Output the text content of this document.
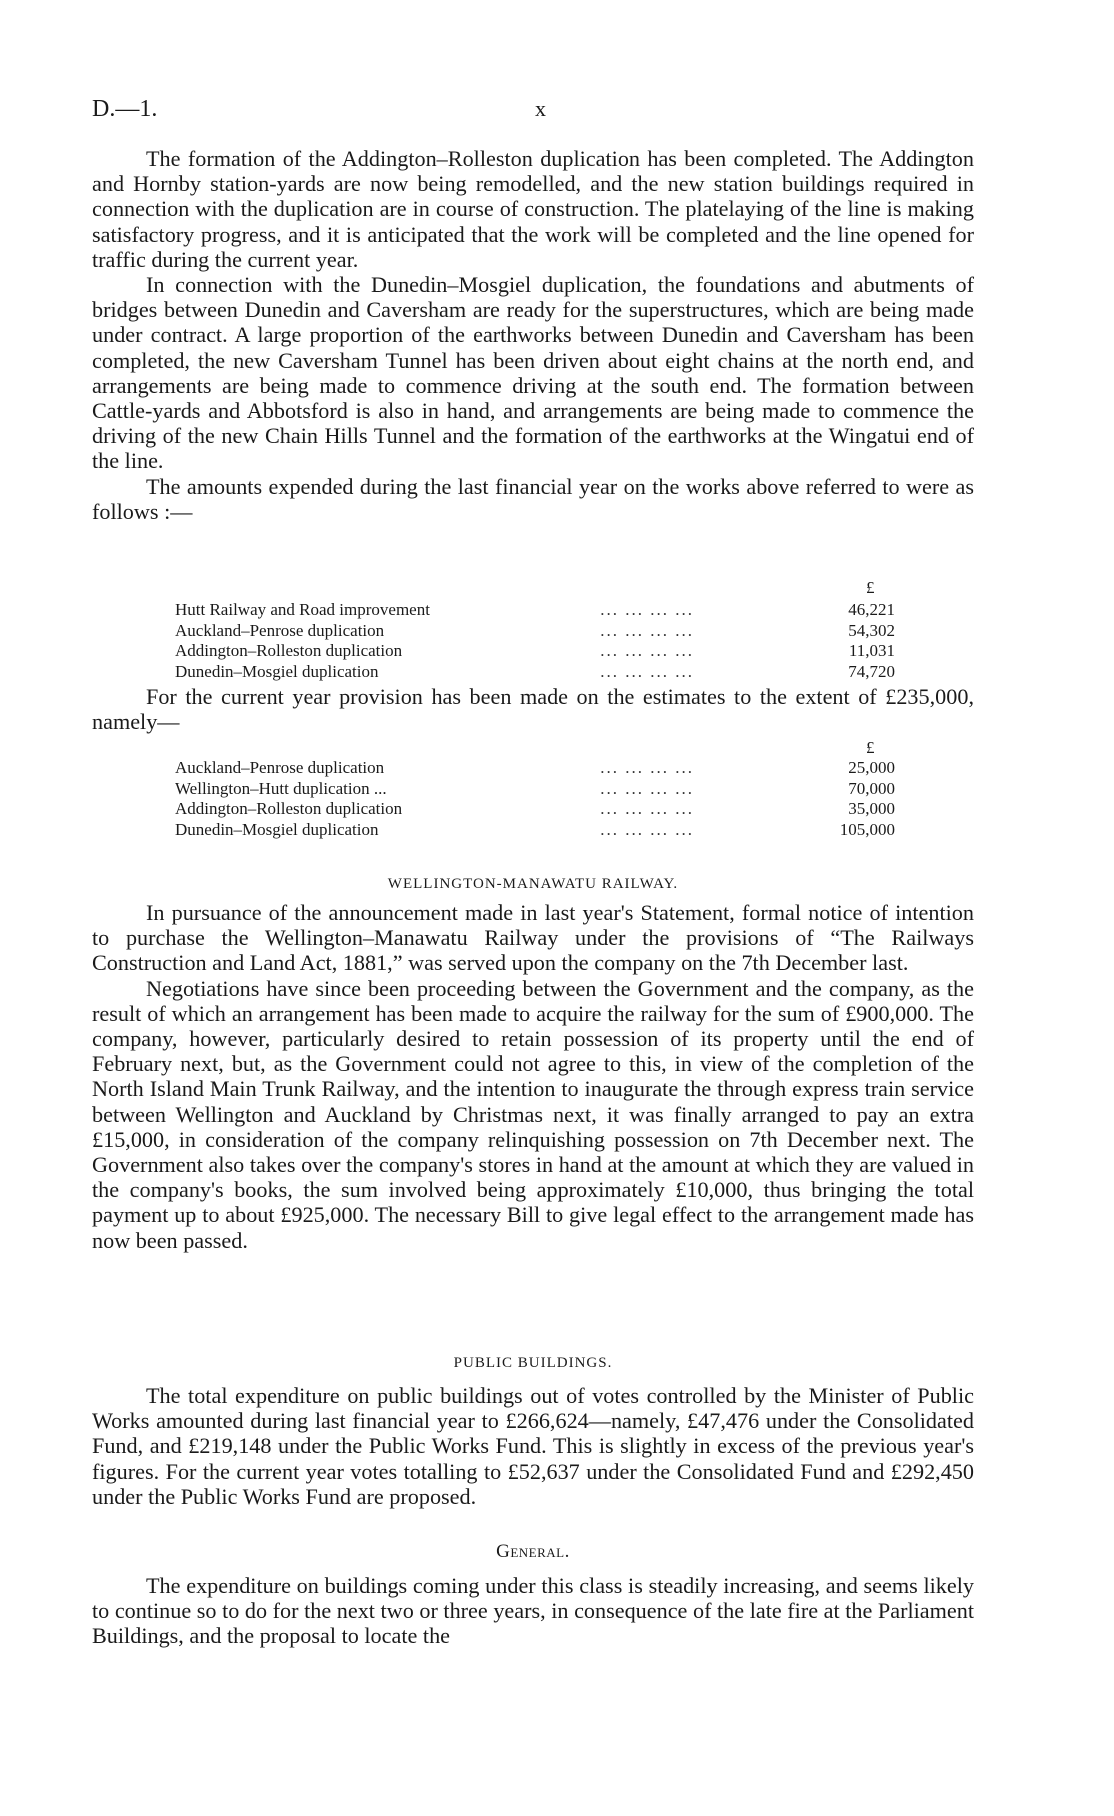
D.—1.	x

The formation of the Addington–Rolleston duplication has been completed. The Addington and Hornby station-yards are now being remodelled, and the new station buildings required in connection with the duplication are in course of construction. The platelaying of the line is making satisfactory progress, and it is anticipated that the work will be completed and the line opened for traffic during the current year.

In connection with the Dunedin–Mosgiel duplication, the foundations and abutments of bridges between Dunedin and Caversham are ready for the superstructures, which are being made under contract. A large proportion of the earthworks between Dunedin and Caversham has been completed, the new Caversham Tunnel has been driven about eight chains at the north end, and arrangements are being made to commence driving at the south end. The formation between Cattle-yards and Abbotsford is also in hand, and arrangements are being made to commence the driving of the new Chain Hills Tunnel and the formation of the earthworks at the Wingatui end of the line.

The amounts expended during the last financial year on the works above referred to were as follows :—

£
Hutt Railway and Road improvement	... ... ... ...		46,221
Auckland–Penrose duplication	... ... ... ...		54,302
Addington–Rolleston duplication	... ... ... ...		11,031
Dunedin–Mosgiel duplication	... ... ... ...		74,720

For the current year provision has been made on the estimates to the extent of £235,000, namely—

£
Auckland–Penrose duplication	... ... ... ...		25,000
Wellington–Hutt duplication ...	... ... ... ...		70,000
Addington–Rolleston duplication	... ... ... ...		35,000
Dunedin–Mosgiel duplication	... ... ... ...		105,000

WELLINGTON-MANAWATU RAILWAY.

In pursuance of the announcement made in last year's Statement, formal notice of intention to purchase the Wellington–Manawatu Railway under the provisions of “The Railways Construction and Land Act, 1881,” was served upon the company on the 7th December last.

Negotiations have since been proceeding between the Government and the company, as the result of which an arrangement has been made to acquire the railway for the sum of £900,000. The company, however, particularly desired to retain possession of its property until the end of February next, but, as the Government could not agree to this, in view of the completion of the North Island Main Trunk Railway, and the intention to inaugurate the through express train service between Wellington and Auckland by Christmas next, it was finally arranged to pay an extra £15,000, in consideration of the company relinquishing possession on 7th December next. The Government also takes over the company's stores in hand at the amount at which they are valued in the company's books, the sum involved being approximately £10,000, thus bringing the total payment up to about £925,000. The necessary Bill to give legal effect to the arrangement made has now been passed.

PUBLIC BUILDINGS.

The total expenditure on public buildings out of votes controlled by the Minister of Public Works amounted during last financial year to £266,624—namely, £47,476 under the Consolidated Fund, and £219,148 under the Public Works Fund. This is slightly in excess of the previous year's figures. For the current year votes totalling to £52,637 under the Consolidated Fund and £292,450 under the Public Works Fund are proposed.

General.

The expenditure on buildings coming under this class is steadily increasing, and seems likely to continue so to do for the next two or three years, in consequence of the late fire at the Parliament Buildings, and the proposal to locate the
